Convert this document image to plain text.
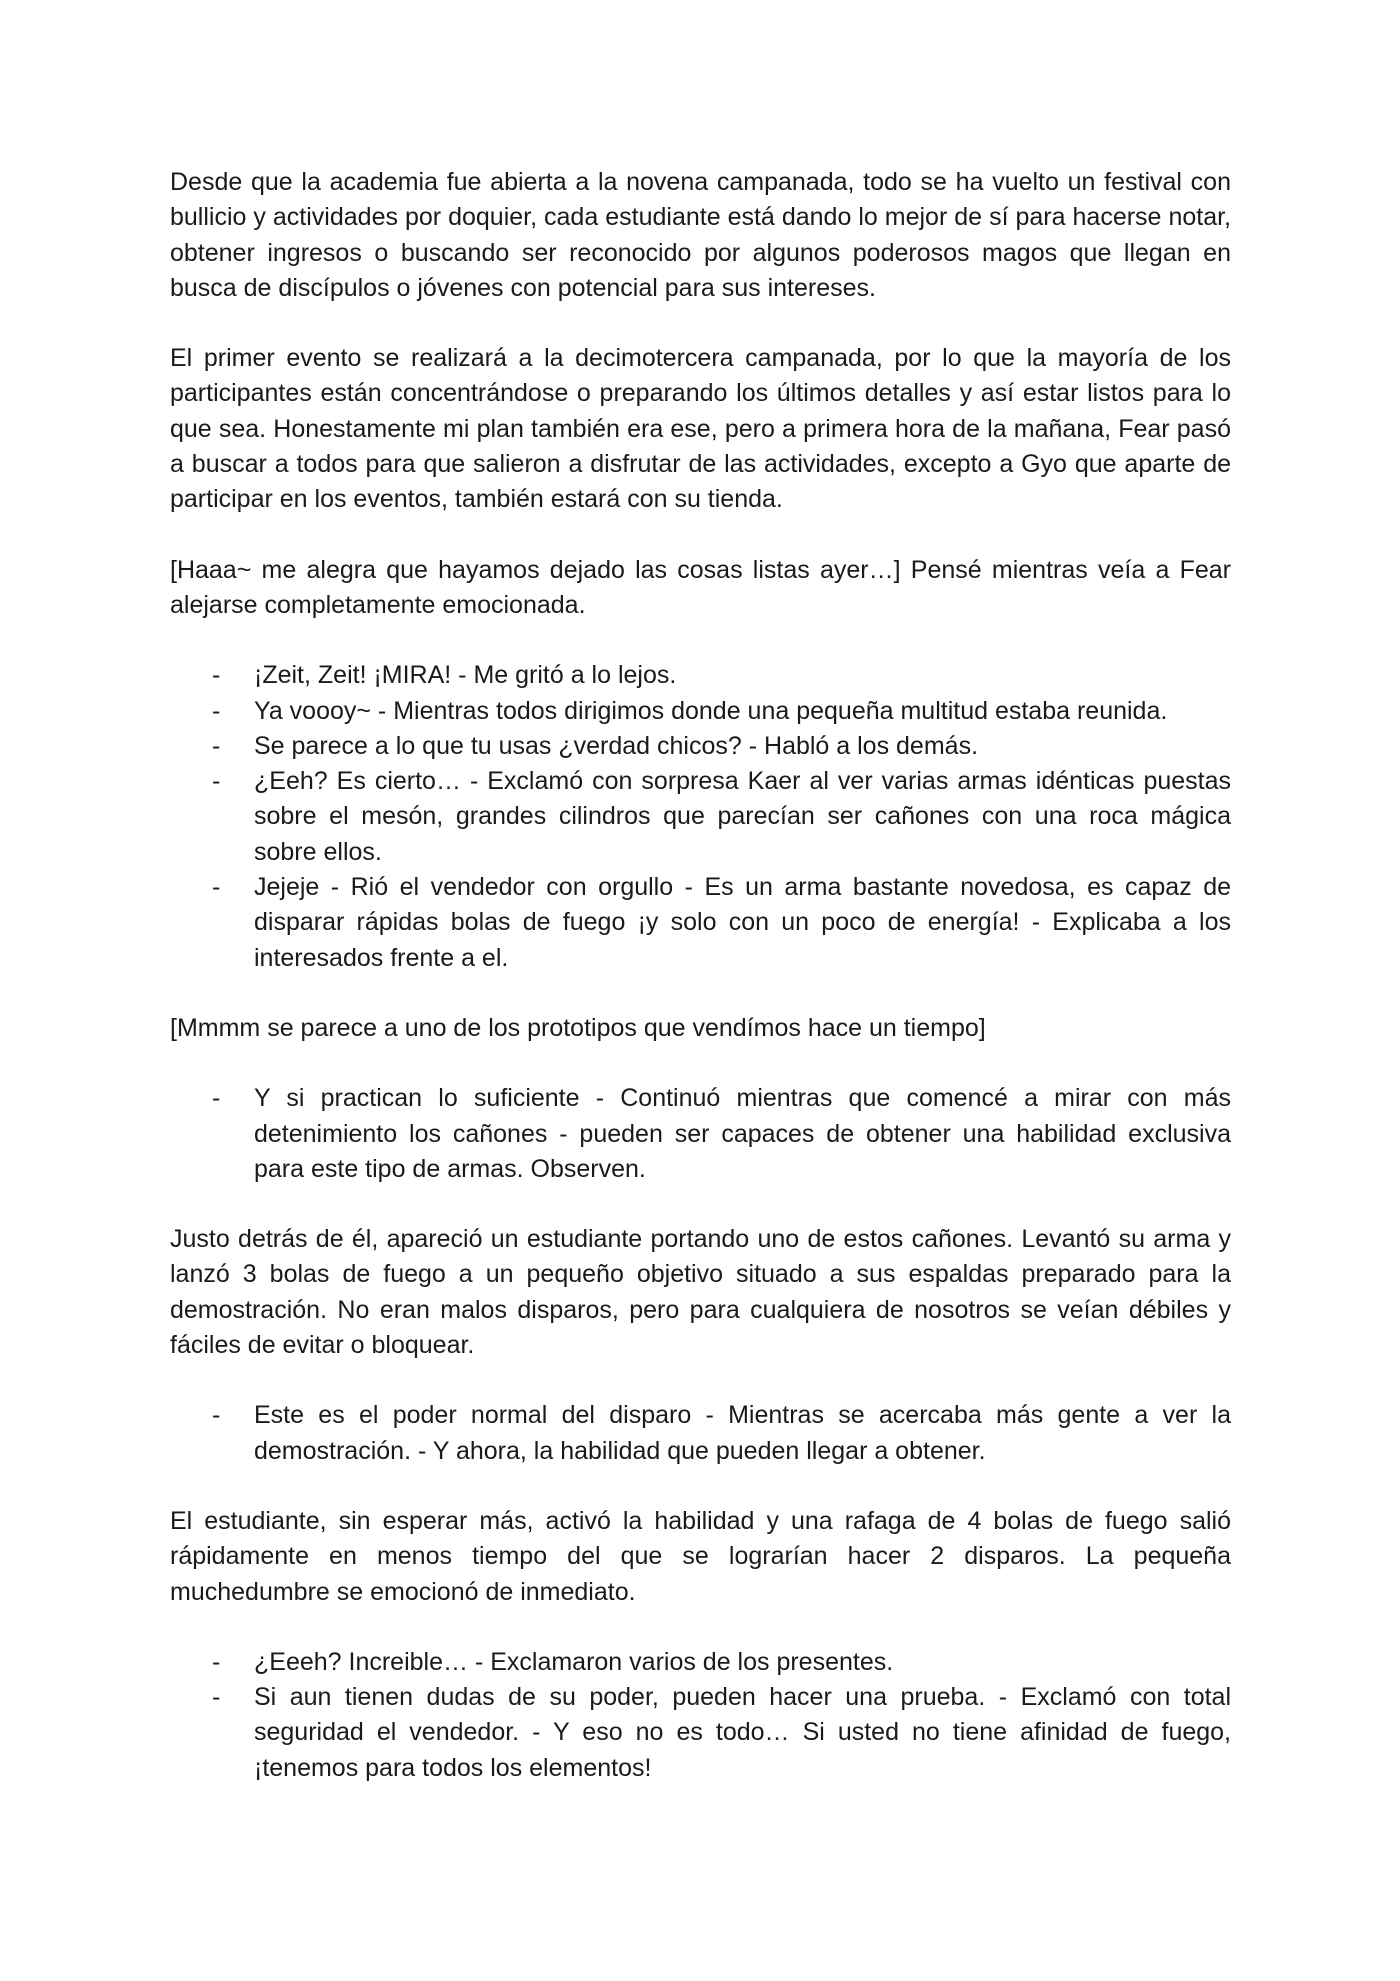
Desde que la academia fue abierta a la novena campanada, todo se ha vuelto un festival con bullicio y actividades por doquier, cada estudiante está dando lo mejor de sí para hacerse notar, obtener ingresos o buscando ser reconocido por algunos poderosos magos que llegan en busca de discípulos o jóvenes con potencial para sus intereses.

El primer evento se realizará a la decimotercera campanada, por lo que la mayoría de los participantes están concentrándose o preparando los últimos detalles y así estar listos para lo que sea. Honestamente mi plan también era ese, pero a primera hora de la mañana, Fear pasó a buscar a todos para que salieron a disfrutar de las actividades, excepto a Gyo que aparte de participar en los eventos, también estará con su tienda.

[Haaa~ me alegra que hayamos dejado las cosas listas ayer…] Pensé mientras veía a Fear alejarse completamente emocionada.

- ¡Zeit, Zeit! ¡MIRA! - Me gritó a lo lejos.
- Ya voooy~ - Mientras todos dirigimos donde una pequeña multitud estaba reunida.
- Se parece a lo que tu usas ¿verdad chicos? - Habló a los demás.
- ¿Eeh? Es cierto… - Exclamó con sorpresa Kaer al ver varias armas idénticas puestas sobre el mesón, grandes cilindros que parecían ser cañones con una roca mágica sobre ellos.
- Jejeje - Rió el vendedor con orgullo - Es un arma bastante novedosa, es capaz de disparar rápidas bolas de fuego ¡y solo con un poco de energía! - Explicaba a los interesados frente a el.

[Mmmm se parece a uno de los prototipos que vendímos hace un tiempo]

- Y si practican lo suficiente - Continuó mientras que comencé a mirar con más detenimiento los cañones - pueden ser capaces de obtener una habilidad exclusiva para este tipo de armas. Observen.

Justo detrás de él, apareció un estudiante portando uno de estos cañones. Levantó su arma y lanzó 3 bolas de fuego a un pequeño objetivo situado a sus espaldas preparado para la demostración. No eran malos disparos, pero para cualquiera de nosotros se veían débiles y fáciles de evitar o bloquear.

- Este es el poder normal del disparo - Mientras se acercaba más gente a ver la demostración. - Y ahora, la habilidad que pueden llegar a obtener.

El estudiante, sin esperar más, activó la habilidad y una rafaga de 4 bolas de fuego salió rápidamente en menos tiempo del que se lograrían hacer 2 disparos. La pequeña muchedumbre se emocionó de inmediato.

- ¿Eeeh? Increible… - Exclamaron varios de los presentes.
- Si aun tienen dudas de su poder, pueden hacer una prueba. - Exclamó con total seguridad el vendedor. - Y eso no es todo… Si usted no tiene afinidad de fuego, ¡tenemos para todos los elementos!
